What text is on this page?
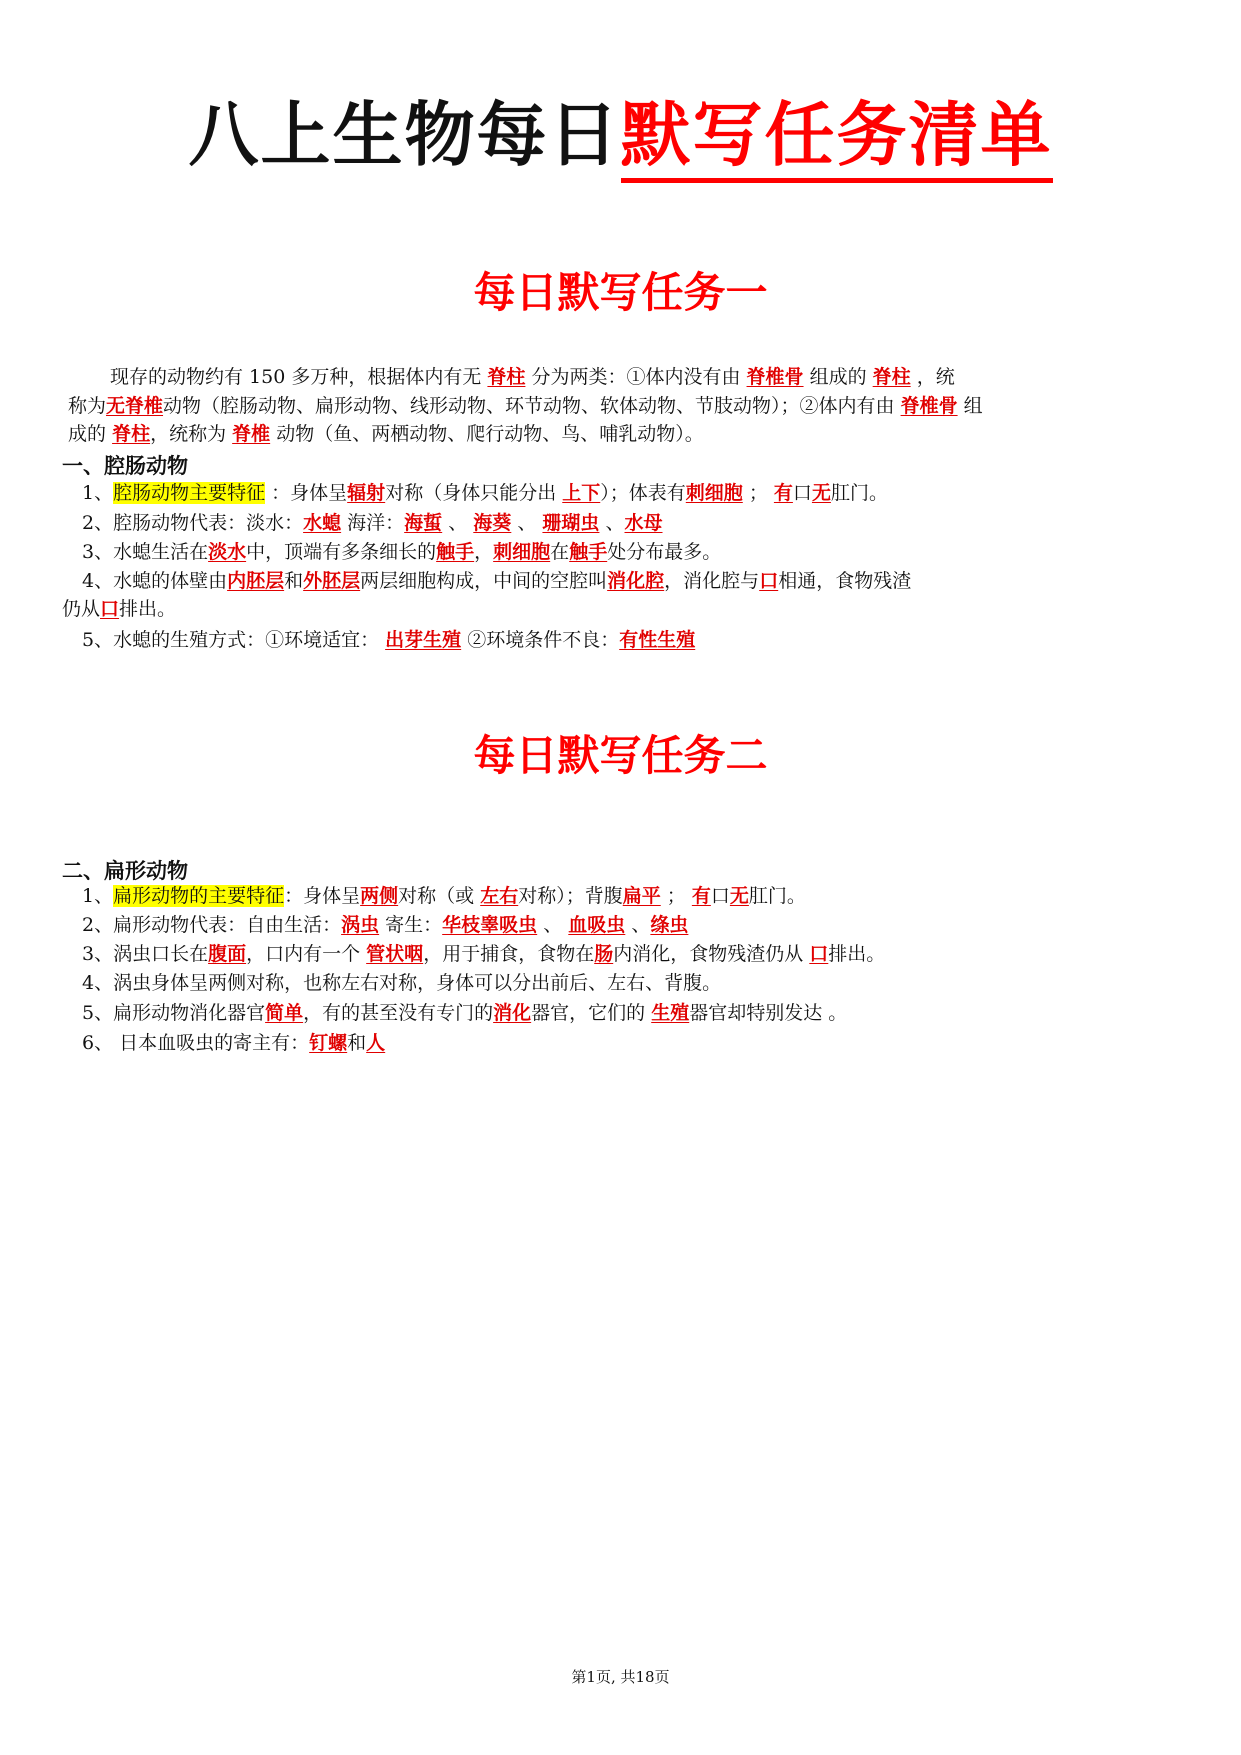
八上生物每日默写任务清单
每日默写任务一
现存的动物约有 150 多万种，根据体内有无 脊柱 分为两类：①体内没有由 脊椎骨 组成的 脊柱 ，统
称为无脊椎动物（腔肠动物、扁形动物、线形动物、环节动物、软体动物、节肢动物）；②体内有由 脊椎骨 组
成的 脊柱，统称为 脊椎 动物（鱼、两栖动物、爬行动物、鸟、哺乳动物）。
一、腔肠动物
1、腔肠动物主要特征 ：身体呈辐射对称（身体只能分出 上下）；体表有刺细胞 ； 有口无肛门。
2、腔肠动物代表：淡水：水螅 海洋：海蜇 、 海葵 、 珊瑚虫 、水母
3、水螅生活在淡水中，顶端有多条细长的触手，刺细胞在触手处分布最多。
4、水螅的体壁由内胚层和外胚层两层细胞构成，中间的空腔叫消化腔，消化腔与口相通，食物残渣
仍从口排出。
5、水螅的生殖方式：①环境适宜： 出芽生殖 ②环境条件不良：有性生殖
每日默写任务二
二、扁形动物
1、扁形动物的主要特征：身体呈两侧对称（或 左右对称）；背腹扁平 ； 有口无肛门。
2、扁形动物代表：自由生活：涡虫 寄生：华枝睾吸虫 、 血吸虫 、绦虫
3、涡虫口长在腹面，口内有一个 管状咽，用于捕食，食物在肠内消化，食物残渣仍从 口排出。
4、涡虫身体呈两侧对称，也称左右对称，身体可以分出前后、左右、背腹。
5、扁形动物消化器官简单，有的甚至没有专门的消化器官，它们的 生殖器官却特别发达 。
6、 日本血吸虫的寄主有：钉螺和人
第1页, 共18页
